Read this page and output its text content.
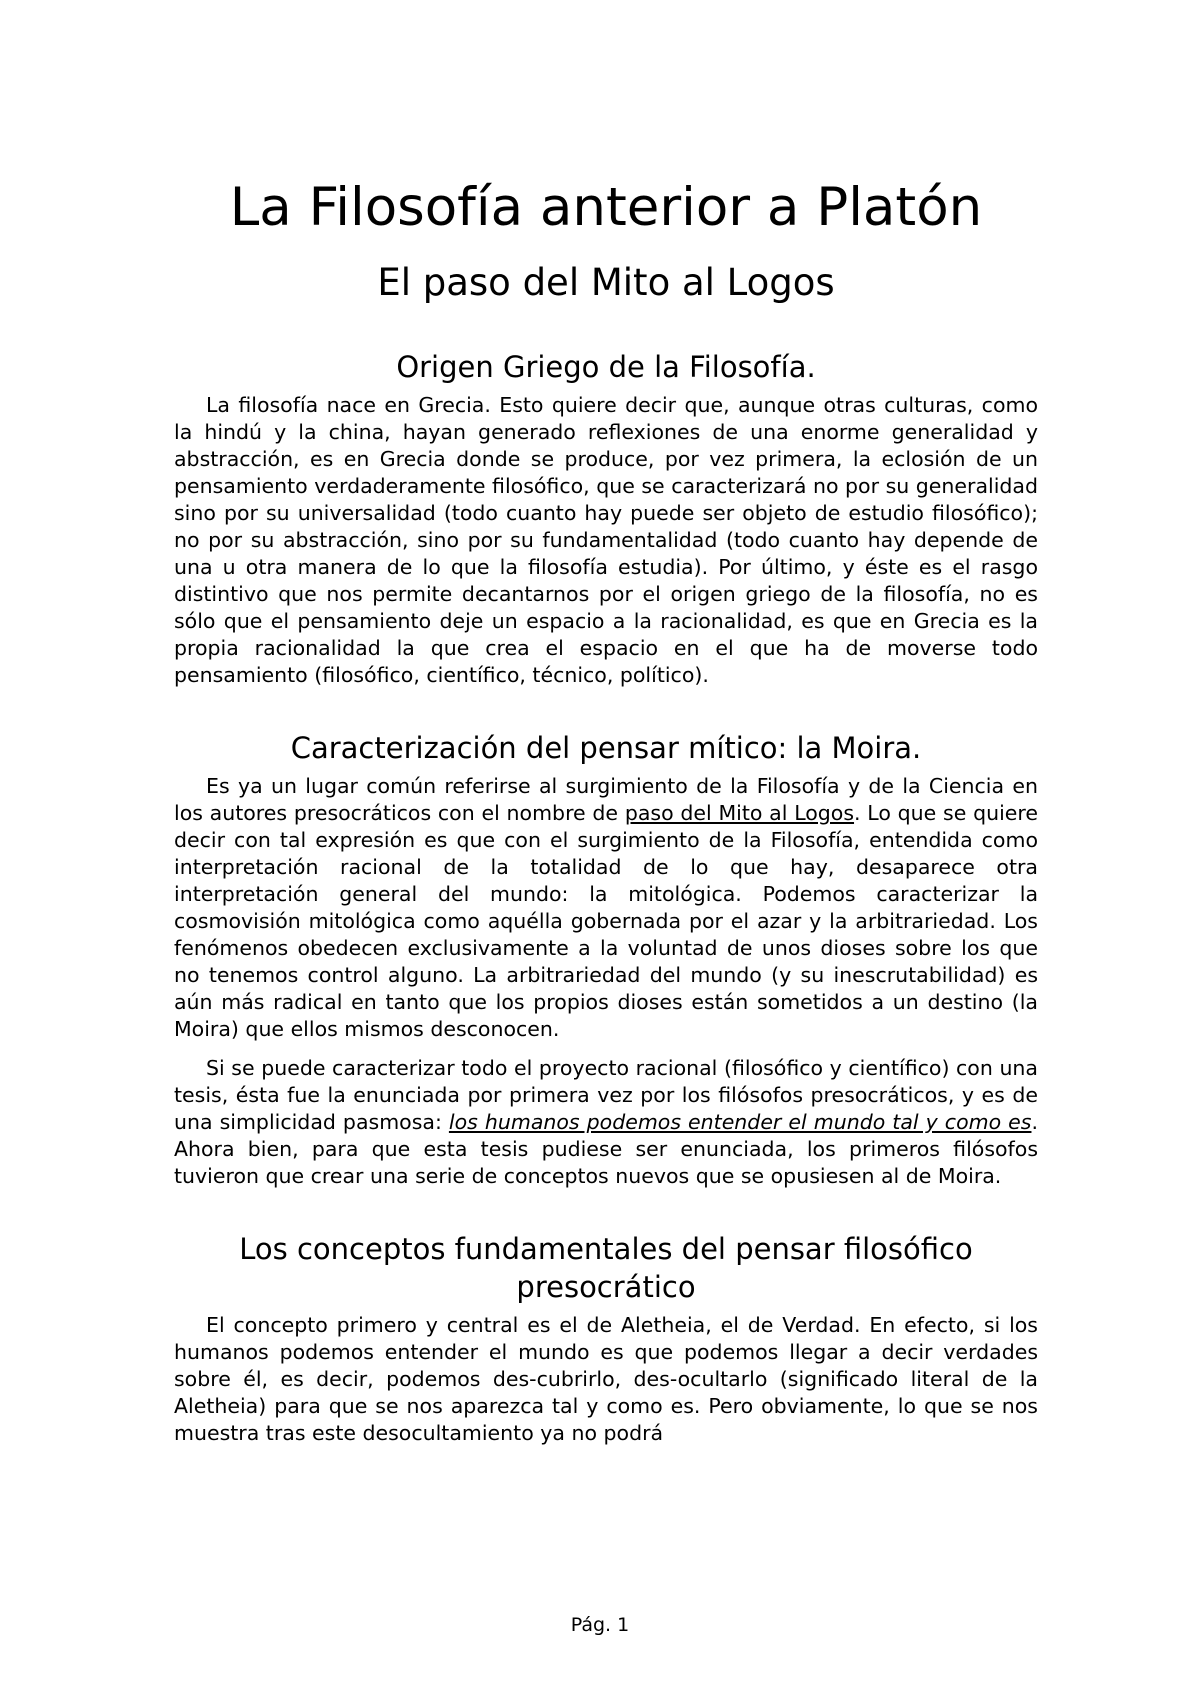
La Filosofía anterior a Platón
El paso del Mito al Logos
Origen Griego de la Filosofía.

La filosofía nace en Grecia. Esto quiere decir que, aunque otras culturas, como la hindú y la china, hayan generado reflexiones de una enorme generalidad y abstracción, es en Grecia donde se produce, por vez primera, la eclosión de un pensamiento verdaderamente filosófico, que se caracterizará no por su generalidad sino por su universalidad (todo cuanto hay puede ser objeto de estudio filosófico); no por su abstracción, sino por su fundamentalidad (todo cuanto hay depende de una u otra manera de lo que la filosofía estudia). Por último, y éste es el rasgo distintivo que nos permite decantarnos por el origen griego de la filosofía, no es sólo que el pensamiento deje un espacio a la racionalidad, es que en Grecia es la propia racionalidad la que crea el espacio en el que ha de moverse todo pensamiento (filosófico, científico, técnico, político).

Caracterización del pensar mítico: la Moira.

Es ya un lugar común referirse al surgimiento de la Filosofía y de la Ciencia en los autores presocráticos con el nombre de paso del Mito al Logos. Lo que se quiere decir con tal expresión es que con el surgimiento de la Filosofía, entendida como interpretación racional de la totalidad de lo que hay, desaparece otra interpretación general del mundo: la mitológica. Podemos caracterizar la cosmovisión mitológica como aquélla gobernada por el azar y la arbitrariedad. Los fenómenos obedecen exclusivamente a la voluntad de unos dioses sobre los que no tenemos control alguno. La arbitrariedad del mundo (y su inescrutabilidad) es aún más radical en tanto que los propios dioses están sometidos a un destino (la Moira) que ellos mismos desconocen.

Si se puede caracterizar todo el proyecto racional (filosófico y científico) con una tesis, ésta fue la enunciada por primera vez por los filósofos presocráticos, y es de una simplicidad pasmosa: los humanos podemos entender el mundo tal y como es. Ahora bien, para que esta tesis pudiese ser enunciada, los primeros filósofos tuvieron que crear una serie de conceptos nuevos que se opusiesen al de Moira.

Los conceptos fundamentales del pensar filosófico presocrático

El concepto primero y central es el de Aletheia, el de Verdad. En efecto, si los humanos podemos entender el mundo es que podemos llegar a decir verdades sobre él, es decir, podemos des-cubrirlo, des-ocultarlo (significado literal de la Aletheia) para que se nos aparezca tal y como es. Pero obviamente, lo que se nos muestra tras este desocultamiento ya no podrá

Pág. 1
